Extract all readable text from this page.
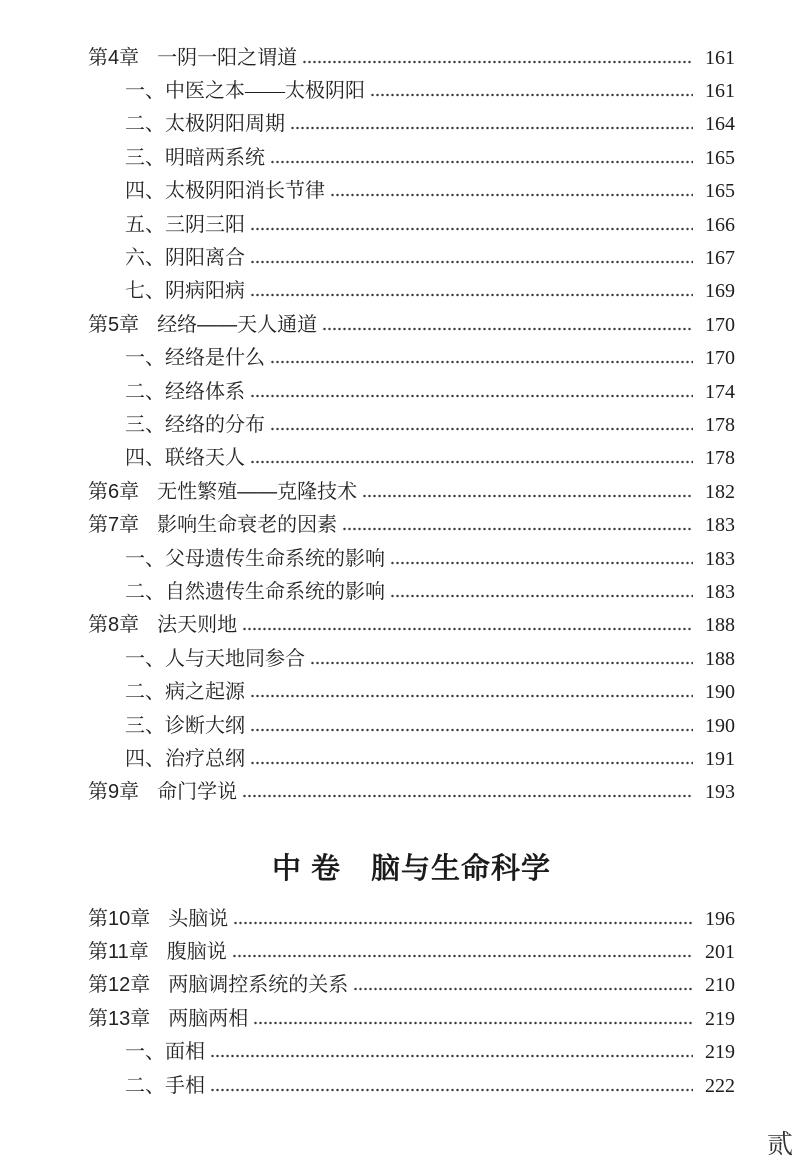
第4章 一阴一阳之谓道	161
一、中医之本——太极阴阳	161
二、太极阴阳周期	164
三、明暗两系统	165
四、太极阴阳消长节律	165
五、三阴三阳	166
六、阴阳离合	167
七、阴病阳病	169
第5章 经络——天人通道	170
一、经络是什么	170
二、经络体系	174
三、经络的分布	178
四、联络天人	178
第6章 无性繁殖——克隆技术	182
第7章 影响生命衰老的因素	183
一、父母遗传生命系统的影响	183
二、自然遗传生命系统的影响	183
第8章 法天则地	188
一、人与天地同参合	188
二、病之起源	190
三、诊断大纲	190
四、治疗总纲	191
第9章 命门学说	193
中 卷　脑与生命科学
第10章 头脑说	196
第11章 腹脑说	201
第12章 两脑调控系统的关系	210
第13章 两脑两相	219
一、面相	219
二、手相	222
贰
